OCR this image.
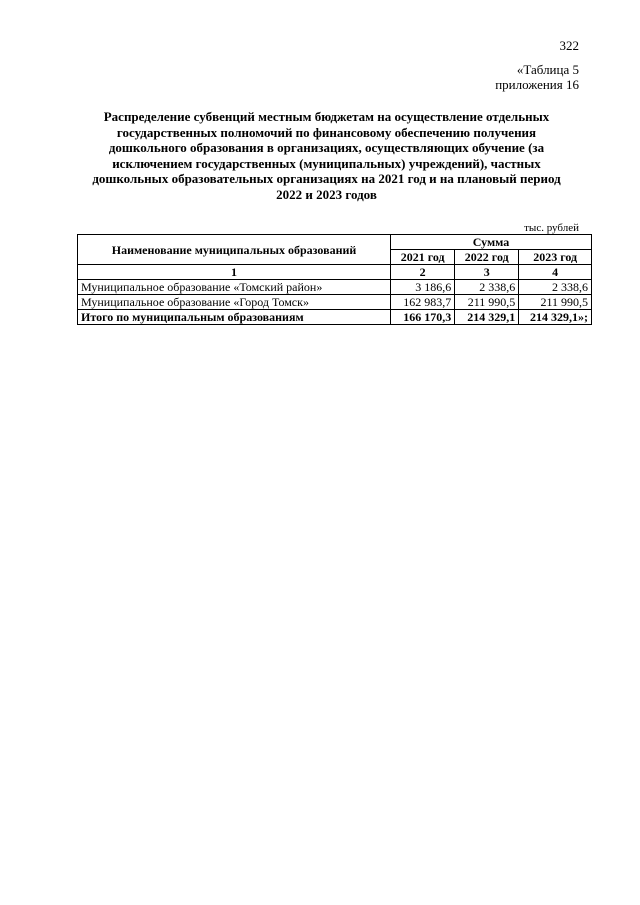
322
«Таблица 5
приложения 16
Распределение субвенций местным бюджетам на осуществление отдельных государственных полномочий по финансовому обеспечению получения дошкольного образования в организациях, осуществляющих обучение (за исключением государственных (муниципальных) учреждений), частных дошкольных образовательных организациях на 2021 год и на плановый период 2022 и 2023 годов
тыс. рублей
Наименование муниципальных образований	Сумма		
	2021 год	2022 год	2023 год
1	2	3	4
Муниципальное образование «Томский район»	3 186,6	2 338,6	2 338,6
Муниципальное образование «Город Томск»	162 983,7	211 990,5	211 990,5
Итого по муниципальным образованиям	166 170,3	214 329,1	214 329,1»;
